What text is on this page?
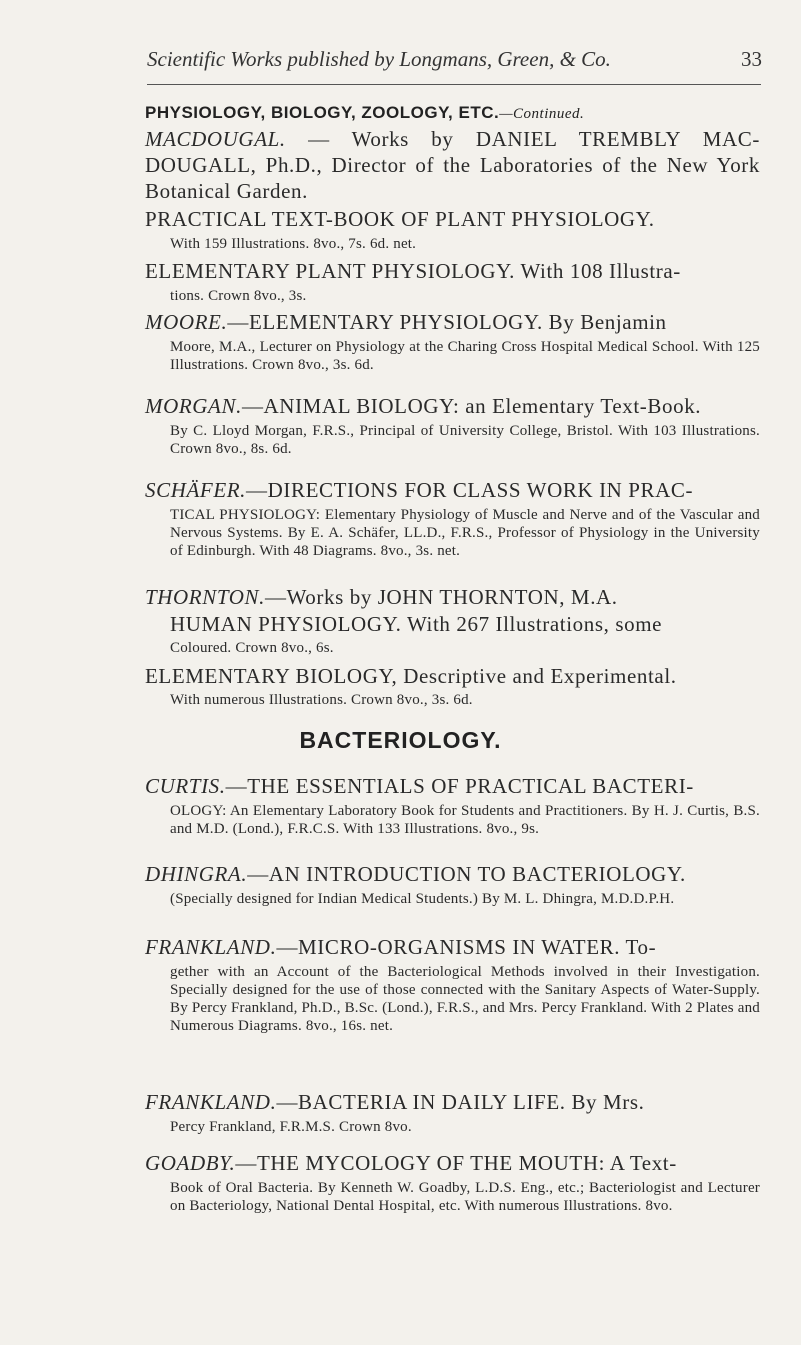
Scientific Works published by Longmans, Green, & Co.	33
PHYSIOLOGY, BIOLOGY, ZOOLOGY, ETC.—Continued.
MACDOUGAL. — Works by DANIEL TREMBLY MAC-DOUGALL, Ph.D., Director of the Laboratories of the New York Botanical Garden.
PRACTICAL TEXT-BOOK OF PLANT PHYSIOLOGY.
With 159 Illustrations. 8vo., 7s. 6d. net.
ELEMENTARY PLANT PHYSIOLOGY. With 108 Illustra-
tions. Crown 8vo., 3s.
MOORE.—ELEMENTARY PHYSIOLOGY. By Benjamin
Moore, M.A., Lecturer on Physiology at the Charing Cross Hospital Medical School. With 125 Illustrations. Crown 8vo., 3s. 6d.
MORGAN.—ANIMAL BIOLOGY: an Elementary Text-Book.
By C. Lloyd Morgan, F.R.S., Principal of University College, Bristol. With 103 Illustrations. Crown 8vo., 8s. 6d.
SCHÄFER.—DIRECTIONS FOR CLASS WORK IN PRAC-
TICAL PHYSIOLOGY: Elementary Physiology of Muscle and Nerve and of the Vascular and Nervous Systems. By E. A. Schäfer, LL.D., F.R.S., Professor of Physiology in the University of Edinburgh. With 48 Diagrams. 8vo., 3s. net.
THORNTON.—Works by JOHN THORNTON, M.A.
HUMAN PHYSIOLOGY. With 267 Illustrations, some
Coloured. Crown 8vo., 6s.
ELEMENTARY BIOLOGY, Descriptive and Experimental.
With numerous Illustrations. Crown 8vo., 3s. 6d.
BACTERIOLOGY.
CURTIS.—THE ESSENTIALS OF PRACTICAL BACTERI-
OLOGY: An Elementary Laboratory Book for Students and Practitioners. By H. J. Curtis, B.S. and M.D. (Lond.), F.R.C.S. With 133 Illustrations. 8vo., 9s.
DHINGRA.—AN INTRODUCTION TO BACTERIOLOGY.
(Specially designed for Indian Medical Students.) By M. L. Dhingra, M.D.D.P.H.
FRANKLAND.—MICRO-ORGANISMS IN WATER. To-
gether with an Account of the Bacteriological Methods involved in their Investigation. Specially designed for the use of those connected with the Sanitary Aspects of Water-Supply. By Percy Frankland, Ph.D., B.Sc. (Lond.), F.R.S., and Mrs. Percy Frankland. With 2 Plates and Numerous Diagrams. 8vo., 16s. net.
FRANKLAND.—BACTERIA IN DAILY LIFE. By Mrs.
Percy Frankland, F.R.M.S. Crown 8vo.
GOADBY.—THE MYCOLOGY OF THE MOUTH: A Text-
Book of Oral Bacteria. By Kenneth W. Goadby, L.D.S. Eng., etc.; Bacteriologist and Lecturer on Bacteriology, National Dental Hospital, etc. With numerous Illustrations. 8vo.
